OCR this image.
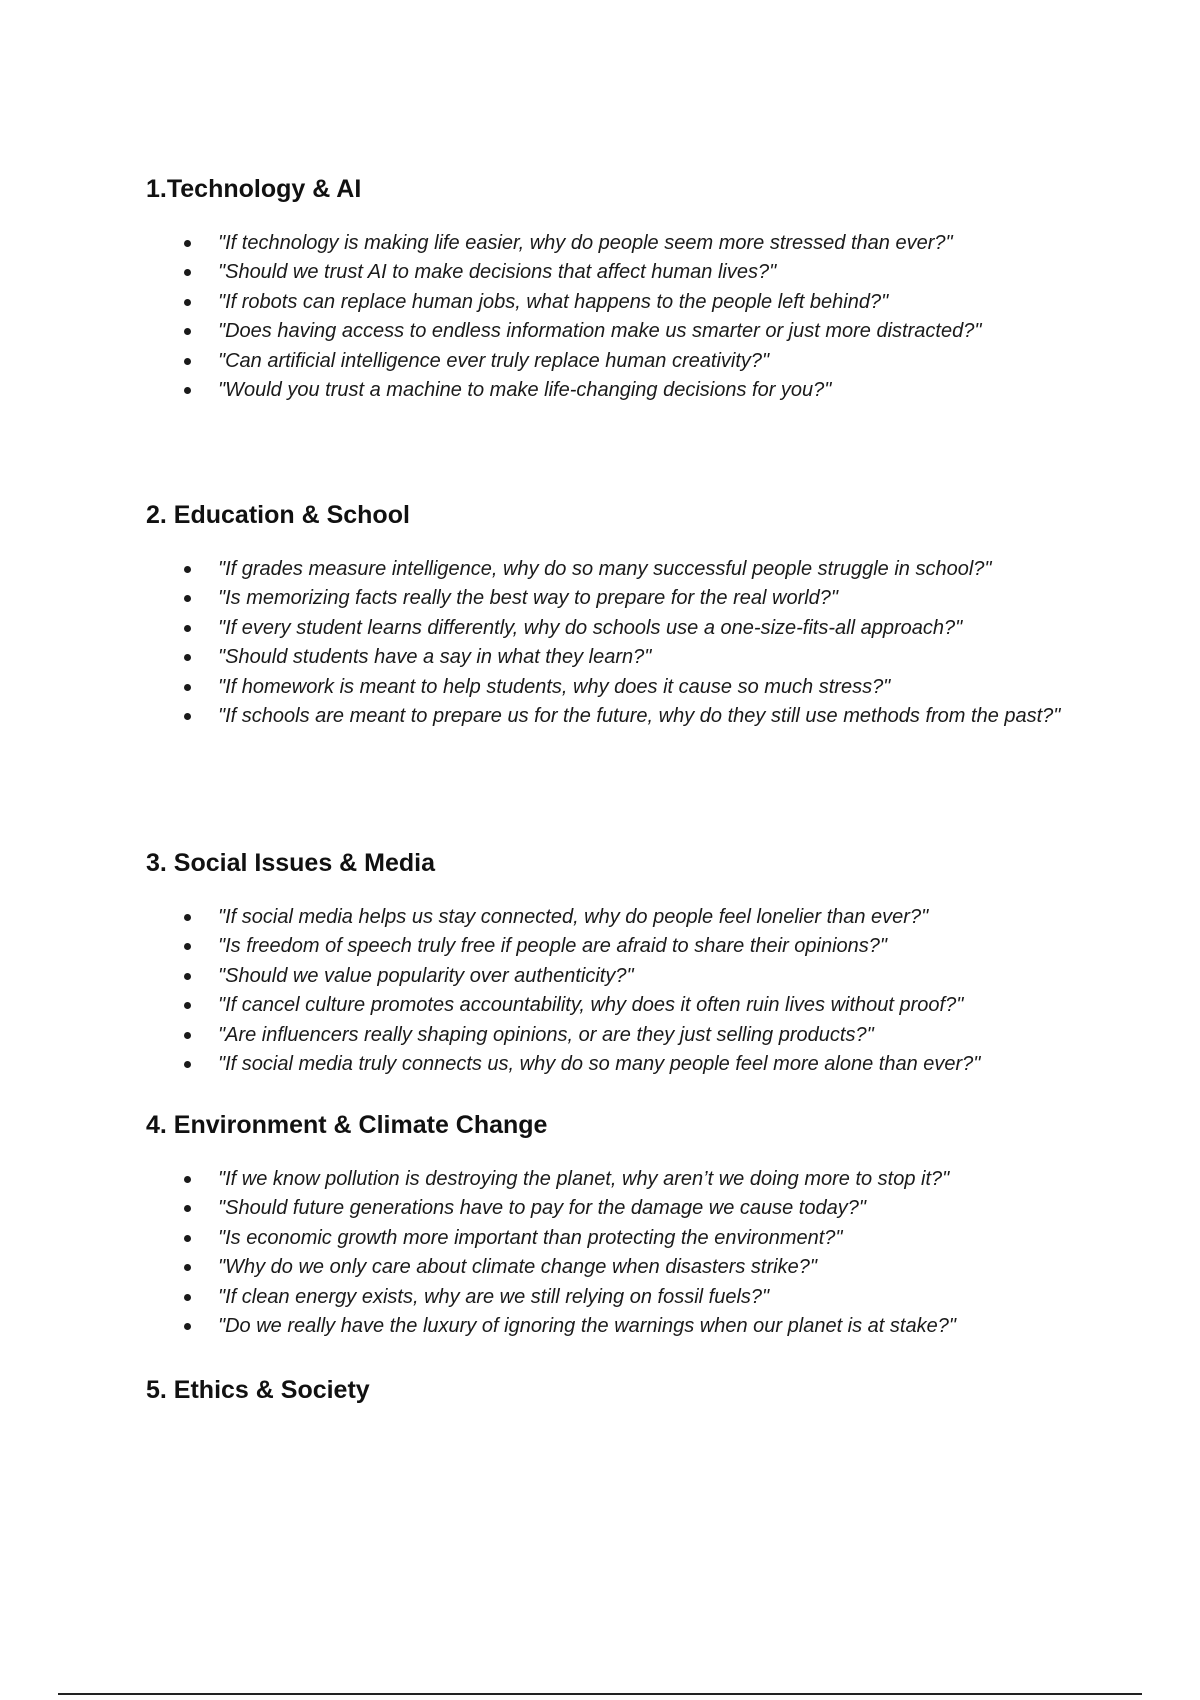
1.Technology & AI
"If technology is making life easier, why do people seem more stressed than ever?"
"Should we trust AI to make decisions that affect human lives?"
"If robots can replace human jobs, what happens to the people left behind?"
"Does having access to endless information make us smarter or just more distracted?"
"Can artificial intelligence ever truly replace human creativity?"
"Would you trust a machine to make life-changing decisions for you?"
2. Education & School
"If grades measure intelligence, why do so many successful people struggle in school?"
"Is memorizing facts really the best way to prepare for the real world?"
"If every student learns differently, why do schools use a one-size-fits-all approach?"
"Should students have a say in what they learn?"
"If homework is meant to help students, why does it cause so much stress?"
"If schools are meant to prepare us for the future, why do they still use methods from the past?"
3. Social Issues & Media
"If social media helps us stay connected, why do people feel lonelier than ever?"
"Is freedom of speech truly free if people are afraid to share their opinions?"
"Should we value popularity over authenticity?"
"If cancel culture promotes accountability, why does it often ruin lives without proof?"
"Are influencers really shaping opinions, or are they just selling products?"
"If social media truly connects us, why do so many people feel more alone than ever?"
4. Environment & Climate Change
"If we know pollution is destroying the planet, why aren’t we doing more to stop it?"
"Should future generations have to pay for the damage we cause today?"
"Is economic growth more important than protecting the environment?"
"Why do we only care about climate change when disasters strike?"
"If clean energy exists, why are we still relying on fossil fuels?"
"Do we really have the luxury of ignoring the warnings when our planet is at stake?"
5. Ethics & Society
